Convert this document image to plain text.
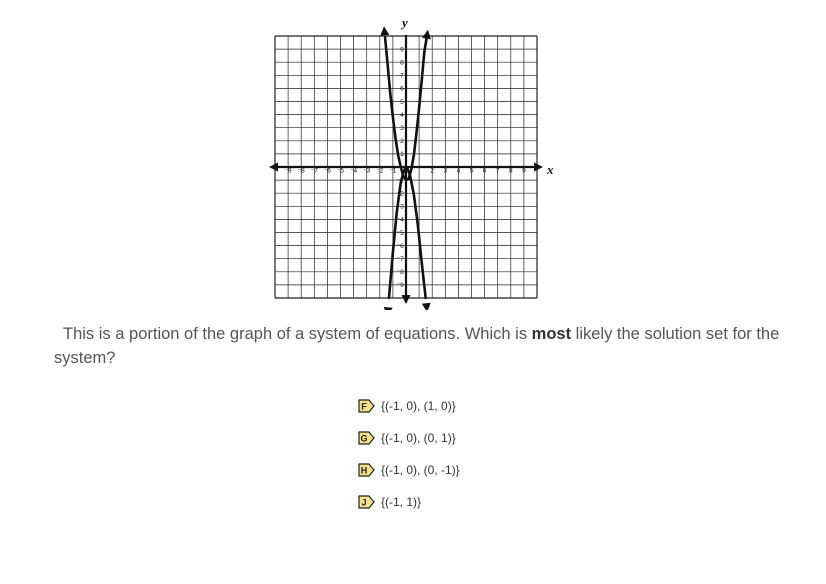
⁻9 ⁻8 ⁻7 ⁻6 ⁻5 ⁻4 ⁻3 ⁻2 ⁻1	2 3 4 5 6 7 8 9
9
8
7
6
5
4
3
2
1
⁻1
⁻2
⁻3
⁻4
⁻5
⁻6
⁻7
⁻8
⁻9
x
y
This is a portion of the graph of a system of equations. Which is most likely the solution set for the system?
F {(-1, 0), (1, 0)}
G {(-1, 0), (0, 1)}
H {(-1, 0), (0, -1)}
J {(-1, 1)}
